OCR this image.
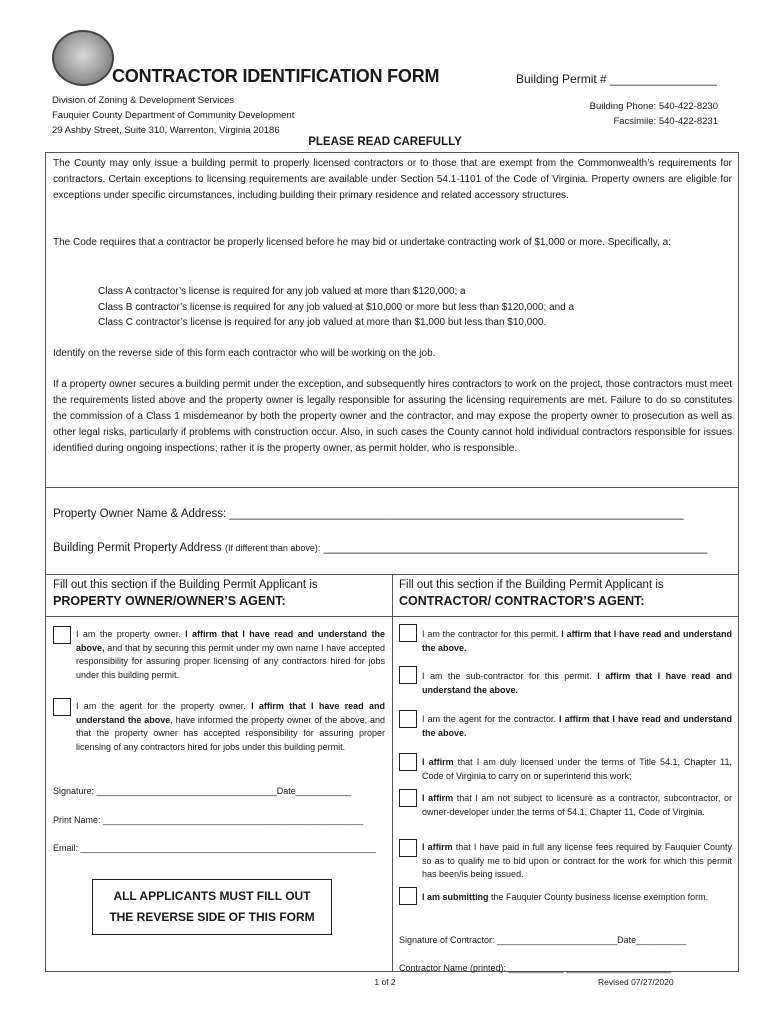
CONTRACTOR IDENTIFICATION FORM	Building Permit # ________________
Division of Zoning & Development Services
Fauquier County Department of Community Development
29 Ashby Street, Suite 310, Warrenton, Virginia 20186
Building Phone: 540-422-8230
Facsimile: 540-422-8231
PLEASE READ CAREFULLY
The County may only issue a building permit to properly licensed contractors or to those that are exempt from the Commonwealth’s requirements for contractors. Certain exceptions to licensing requirements are available under Section 54.1-1101 of the Code of Virginia. Property owners are eligible for exceptions under specific circumstances, including building their primary residence and related accessory structures.
The Code requires that a contractor be properly licensed before he may bid or undertake contracting work of $1,000 or more. Specifically, a:
Class A contractor’s license is required for any job valued at more than $120,000; a
Class B contractor’s license is required for any job valued at $10,000 or more but less than $120,000; and a
Class C contractor’s license is required for any job valued at more than $1,000 but less than $10,000.
Identify on the reverse side of this form each contractor who will be working on the job.
If a property owner secures a building permit under the exception, and subsequently hires contractors to work on the project, those contractors must meet the requirements listed above and the property owner is legally responsible for assuring the licensing requirements are met. Failure to do so constitutes the commission of a Class 1 misdemeanor by both the property owner and the contractor, and may expose the property owner to prosecution as well as other legal risks, particularly if problems with construction occur. Also, in such cases the County cannot hold individual contractors responsible for issues identified during ongoing inspections; rather it is the property owner, as permit holder, who is responsible.
Property Owner Name & Address: _______________________________________________________________________
Building Permit Property Address (If different than above): ____________________________________________________________
Fill out this section if the Building Permit Applicant is
PROPERTY OWNER/OWNER’S AGENT:
I am the property owner. I affirm that I have read and understand the above, and that by securing this permit under my own name I have accepted responsibility for assuring proper licensing of any contractors hired for jobs under this building permit.
I am the agent for the property owner. I affirm that I have read and understand the above, have informed the property owner of the above, and that the property owner has accepted responsibility for assuring proper licensing of any contractors hired for jobs under this building permit.
Signature: ____________________________________Date___________
Print Name: ____________________________________________________
Email: ___________________________________________________________
ALL APPLICANTS MUST FILL OUT
THE REVERSE SIDE OF THIS FORM
Fill out this section if the Building Permit Applicant is
CONTRACTOR/ CONTRACTOR’S AGENT:
I am the contractor for this permit. I affirm that I have read and understand the above.
I am the sub-contractor for this permit. I affirm that I have read and understand the above.
I am the agent for the contractor. I affirm that I have read and understand the above.
I affirm that I am duly licensed under the terms of Title 54.1, Chapter 11, Code of Virginia to carry on or superintend this work;
I affirm that I am not subject to licensure as a contractor, subcontractor, or owner-developer under the terms of 54.1, Chapter 11, Code of Virginia.
I affirm that I have paid in full any license fees required by Fauquier County so as to qualify me to bid upon or contract for the work for which this permit has been/is being issued.
I am submitting the Fauquier County business license exemption form.
Signature of Contractor: ________________________Date__________
Contractor Name (printed): ___________ _____________________
1 of 2	Revised 07/27/2020
